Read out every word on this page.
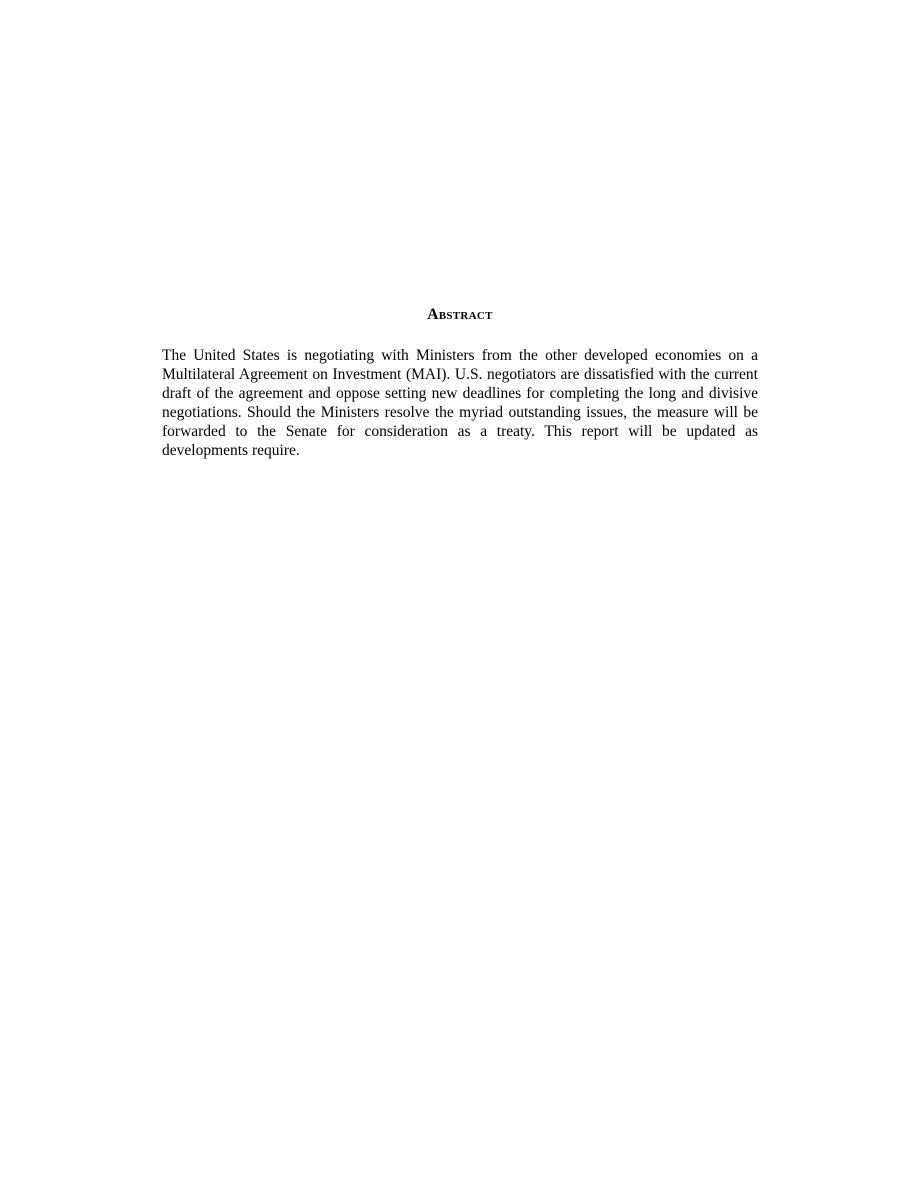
Abstract

The United States is negotiating with Ministers from the other developed economies on a Multilateral Agreement on Investment (MAI). U.S. negotiators are dissatisfied with the current draft of the agreement and oppose setting new deadlines for completing the long and divisive negotiations. Should the Ministers resolve the myriad outstanding issues, the measure will be forwarded to the Senate for consideration as a treaty. This report will be updated as developments require.
